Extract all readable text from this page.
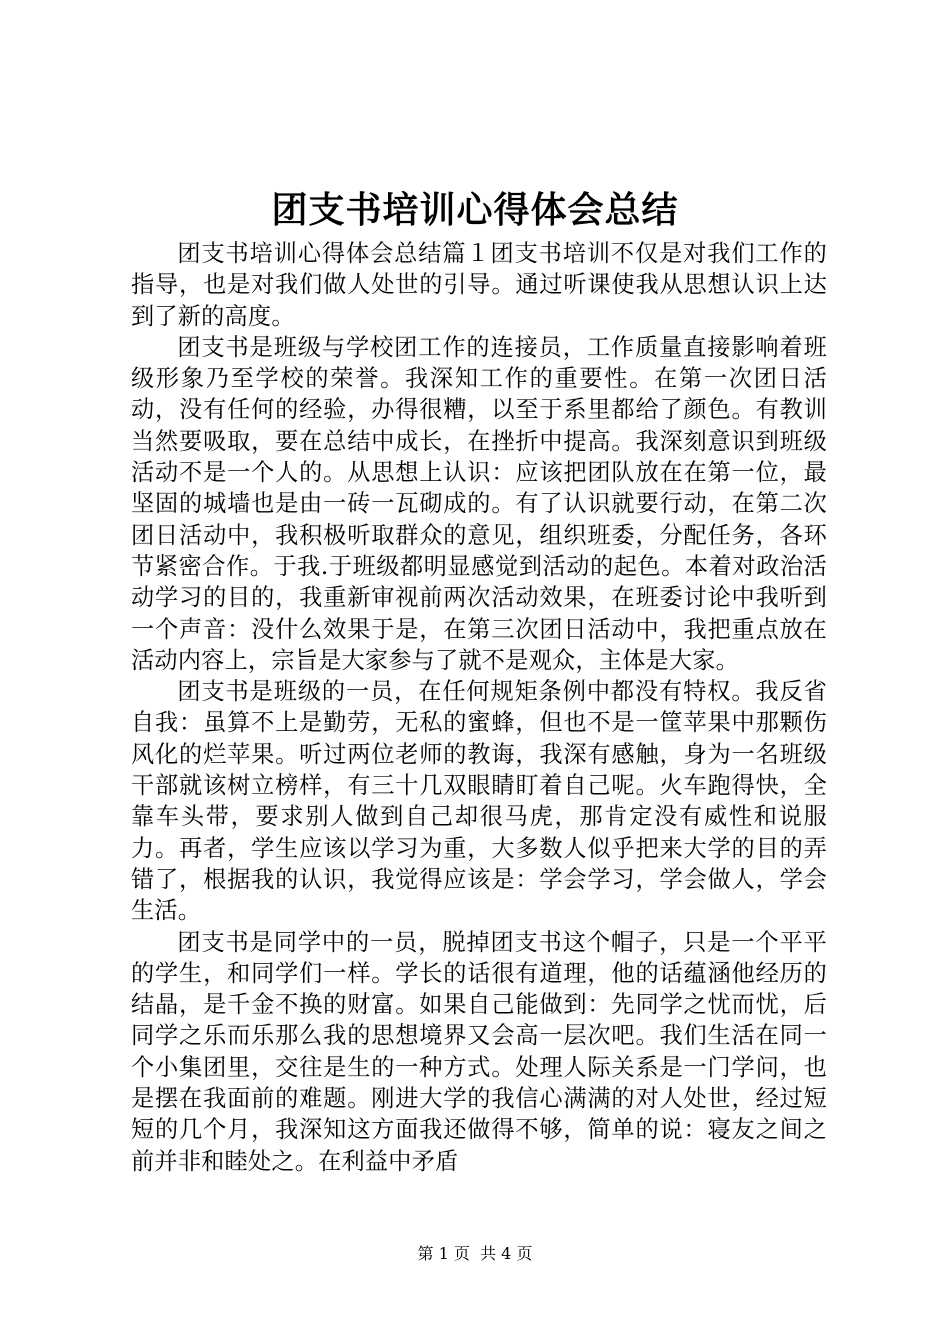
团支书培训心得体会总结

团支书培训心得体会总结篇１团支书培训不仅是对我们工作的指导，也是对我们做人处世的引导。通过听课使我从思想认识上达到了新的高度。

团支书是班级与学校团工作的连接员，工作质量直接影响着班级形象乃至学校的荣誉。我深知工作的重要性。在第一次团日活动，没有任何的经验，办得很糟，以至于系里都给了颜色。有教训当然要吸取，要在总结中成长，在挫折中提高。我深刻意识到班级活动不是一个人的。从思想上认识：应该把团队放在在第一位，最坚固的城墙也是由一砖一瓦砌成的。有了认识就要行动，在第二次团日活动中，我积极听取群众的意见，组织班委，分配任务，各环节紧密合作。于我.于班级都明显感觉到活动的起色。本着对政治活动学习的目的，我重新审视前两次活动效果，在班委讨论中我听到一个声音：没什么效果于是，在第三次团日活动中，我把重点放在活动内容上，宗旨是大家参与了就不是观众，主体是大家。

团支书是班级的一员，在任何规矩条例中都没有特权。我反省自我：虽算不上是勤劳，无私的蜜蜂，但也不是一筐苹果中那颗伤风化的烂苹果。听过两位老师的教诲，我深有感触，身为一名班级干部就该树立榜样，有三十几双眼睛盯着自己呢。火车跑得快，全靠车头带，要求别人做到自己却很马虎，那肯定没有威性和说服力。再者，学生应该以学习为重，大多数人似乎把来大学的目的弄错了，根据我的认识，我觉得应该是：学会学习，学会做人，学会生活。

团支书是同学中的一员，脱掉团支书这个帽子，只是一个平平的学生，和同学们一样。学长的话很有道理，他的话蕴涵他经历的结晶，是千金不换的财富。如果自己能做到：先同学之忧而忧，后同学之乐而乐那么我的思想境界又会高一层次吧。我们生活在同一个小集团里，交往是生的一种方式。处理人际关系是一门学问，也是摆在我面前的难题。刚进大学的我信心满满的对人处世，经过短短的几个月，我深知这方面我还做得不够，简单的说：寝友之间之前并非和睦处之。在利益中矛盾

第 1 页  共 4 页
